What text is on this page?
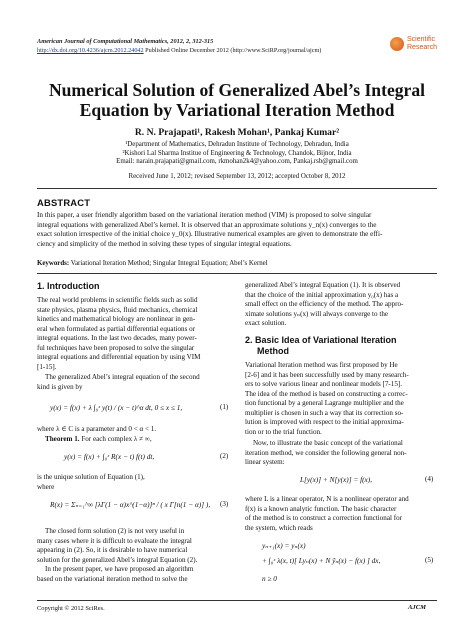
American Journal of Computational Mathematics, 2012, 2, 312-315
http://dx.doi.org/10.4236/ajcm.2012.24042 Published Online December 2012 (http://www.SciRP.org/journal/ajcm)
Scientific
Research
Numerical Solution of Generalized Abel’s Integral
Equation by Variational Iteration Method
R. N. Prajapati¹, Rakesh Mohan¹, Pankaj Kumar²
¹Department of Mathematics, Dehradun Institute of Technology, Dehradun, India
²Kishori Lal Sharma Institue of Engineering & Technology, Chandok, Bijnor, India
Email: narain.prajapati@gmail.com, rkmohan2k4@yahoo.com, Pankaj.rsb@gmail.com
Received June 1, 2012; revised September 13, 2012; accepted October 8, 2012
ABSTRACT
In this paper, a user friendly algorithm based on the variational iteration method (VIM) is proposed to solve singular
integral equations with generalized Abel’s kernel. It is observed that an approximate solutions y_n(x) converges to the
exact solution irrespective of the initial choice y_0(x). Illustrative numerical examples are given to demonstrate the effi-
ciency and simplicity of the method in solving these types of singular integral equations.
Keywords: Variational Iteration Method; Singular Integral Equation; Abel’s Kernel
1. Introduction
The real world problems in scientific fields such as solid
state physics, plasma physics, fluid mechanics, chemical
kinetics and mathematical biology are nonlinear in gen-
eral when formulated as partial differential equations or
integral equations. In the last two decades, many power-
ful techniques have been proposed to solve the singular
integral equations and differential equation by using VIM
[1-15].
The generalized Abel’s integral equation of the second
kind is given by
y(x) = f(x) + λ ∫₀ˣ y(t) / (x − t)^α dt, 0 ≤ x ≤ 1,	(1)
where λ ∈ C is a parameter and 0 < α < 1.
Theorem 1. For each complex λ ≠ ∞,
y(x) = f(x) + ∫₀ˣ R(x − t) f(t) dt,	(2)
is the unique solution of Equation (1),
where
R(x) = Σₙ₌₁^∞ [λΓ(1 − α)x^(1−α)]ⁿ / ( x Γ[n(1 − α)] ), (3)
The closed form solution (2) is not very useful in
many cases where it is difficult to evaluate the integral
appearing in (2). So, it is desirable to have numerical
solution for the generalized Abel’s integral Equation (2).
In the present paper, we have proposed an algorithm
based on the variational iteration method to solve the
generalized Abel’s integral Equation (1). It is observed
that the choice of the initial approximation y₀(x) has a
small effect on the efficiency of the method. The appro-
ximate solutions yₙ(x) will always converge to the
exact solution.
2. Basic Idea of Variational Iteration
Method
Variational Iteration method was first proposed by He
[2-6] and it has been successfully used by many research-
ers to solve various linear and nonlinear models [7-15].
The idea of the method is based on constructing a correc-
tion functional by a general Lagrange multiplier and the
multiplier is chosen in such a way that its correction so-
lution is improved with respect to the initial approxima-
tion or to the trial function.
Now, to illustrate the basic concept of the variational
iteration method, we consider the following general non-
linear system:
L[y(x)] + N[y(x)] = f(x),	(4)
where L is a linear operator, N is a nonlinear operator and
f(x) is a known analytic function. The basic character
of the method is to construct a correction functional for
the system, which reads
yₙ₊₁(x) = yₙ(x)
+ ∫₀ˣ λ(x, t)[ Lyₙ(x) + N ỹₙ(x) − f(x) ] dx,	(5)
n ≥ 0
Copyright © 2012 SciRes.	AJCM
